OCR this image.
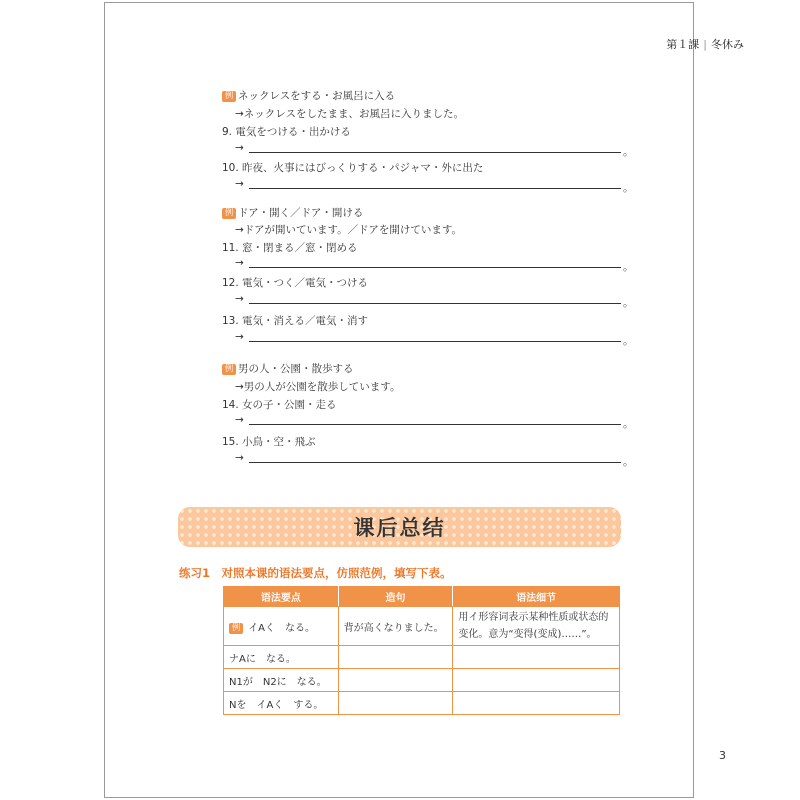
第１課 | 冬休み
例 ネックレスをする・お風呂に入る
→ネックレスをしたまま、お風呂に入りました。
9. 電気をつける・出かける
→	。
10. 昨夜、火事にはびっくりする・パジャマ・外に出た
→	。
例 ドア・開く／ドア・開ける
→ドアが開いています。／ドアを開けています。
11. 窓・閉まる／窓・閉める
→	。
12. 電気・つく／電気・つける
→	。
13. 電気・消える／電気・消す
→	。
例 男の人・公園・散歩する
→男の人が公園を散歩しています。
14. 女の子・公園・走る
→	。
15. 小鳥・空・飛ぶ
→	。
课后总结
练习1　对照本课的语法要点，仿照范例，填写下表。
语法要点	造句	语法细节
例 イAく　なる。	背が高くなりました。	用イ形容词表示某种性质或状态的
变化。意为“变得(变成)……”。

ナAに　なる。		
N1が　N2に　なる。		
Nを　イAく　する。		
3
